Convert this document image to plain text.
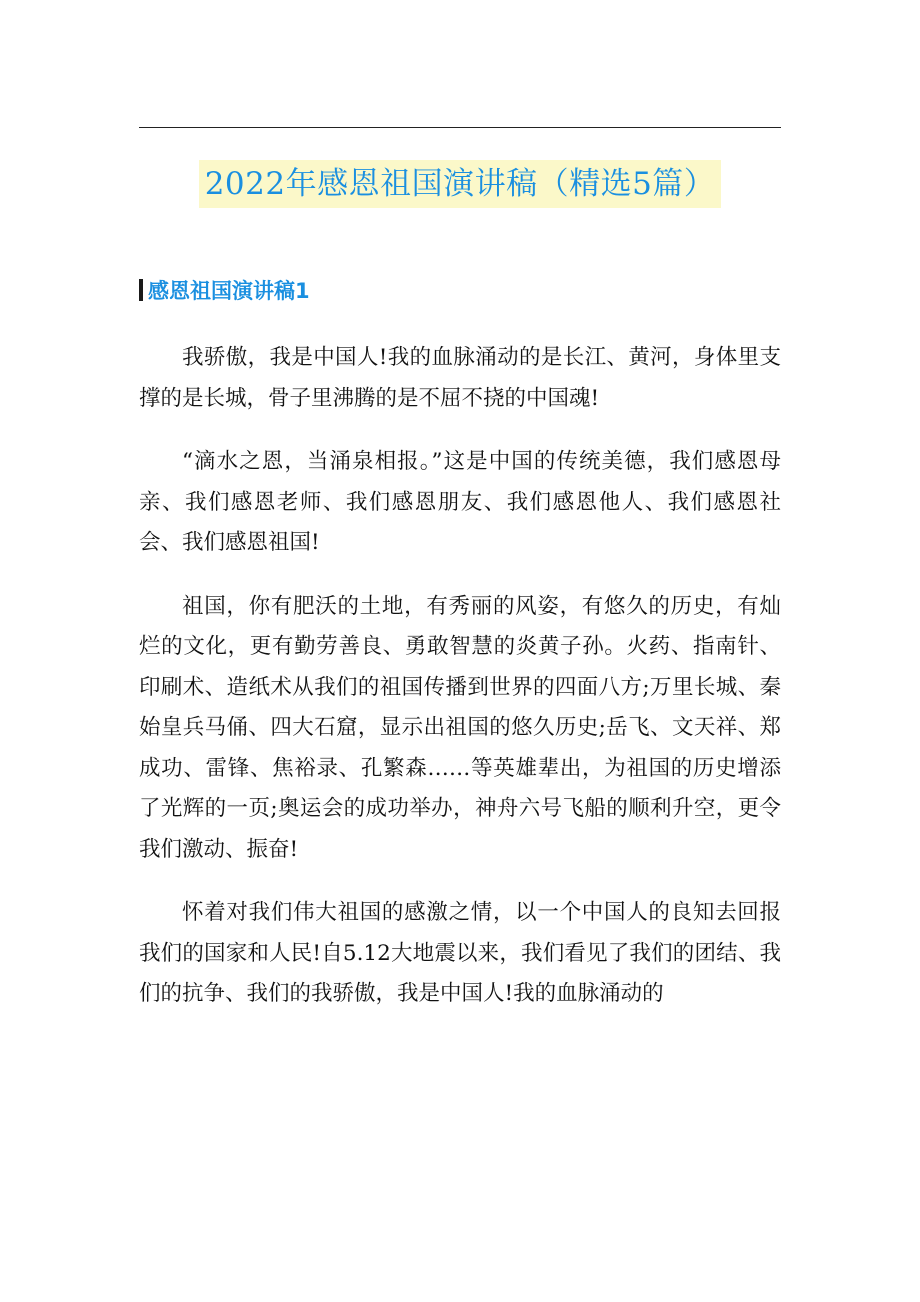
2022年感恩祖国演讲稿（精选5篇）
感恩祖国演讲稿1

我骄傲，我是中国人!我的血脉涌动的是长江、黄河，身体里支撑的是长城，骨子里沸腾的是不屈不挠的中国魂!

“滴水之恩，当涌泉相报。”这是中国的传统美德，我们感恩母亲、我们感恩老师、我们感恩朋友、我们感恩他人、我们感恩社会、我们感恩祖国!

祖国，你有肥沃的土地，有秀丽的风姿，有悠久的历史，有灿烂的文化，更有勤劳善良、勇敢智慧的炎黄子孙。火药、指南针、印刷术、造纸术从我们的祖国传播到世界的四面八方;万里长城、秦始皇兵马俑、四大石窟，显示出祖国的悠久历史;岳飞、文天祥、郑成功、雷锋、焦裕录、孔繁森……等英雄辈出，为祖国的历史增添了光辉的一页;奥运会的成功举办，神舟六号飞船的顺利升空，更令我们激动、振奋!

怀着对我们伟大祖国的感激之情，以一个中国人的良知去回报我们的国家和人民!自5.12大地震以来，我们看见了我们的团结、我们的抗争、我们的我骄傲，我是中国人!我的血脉涌动的
